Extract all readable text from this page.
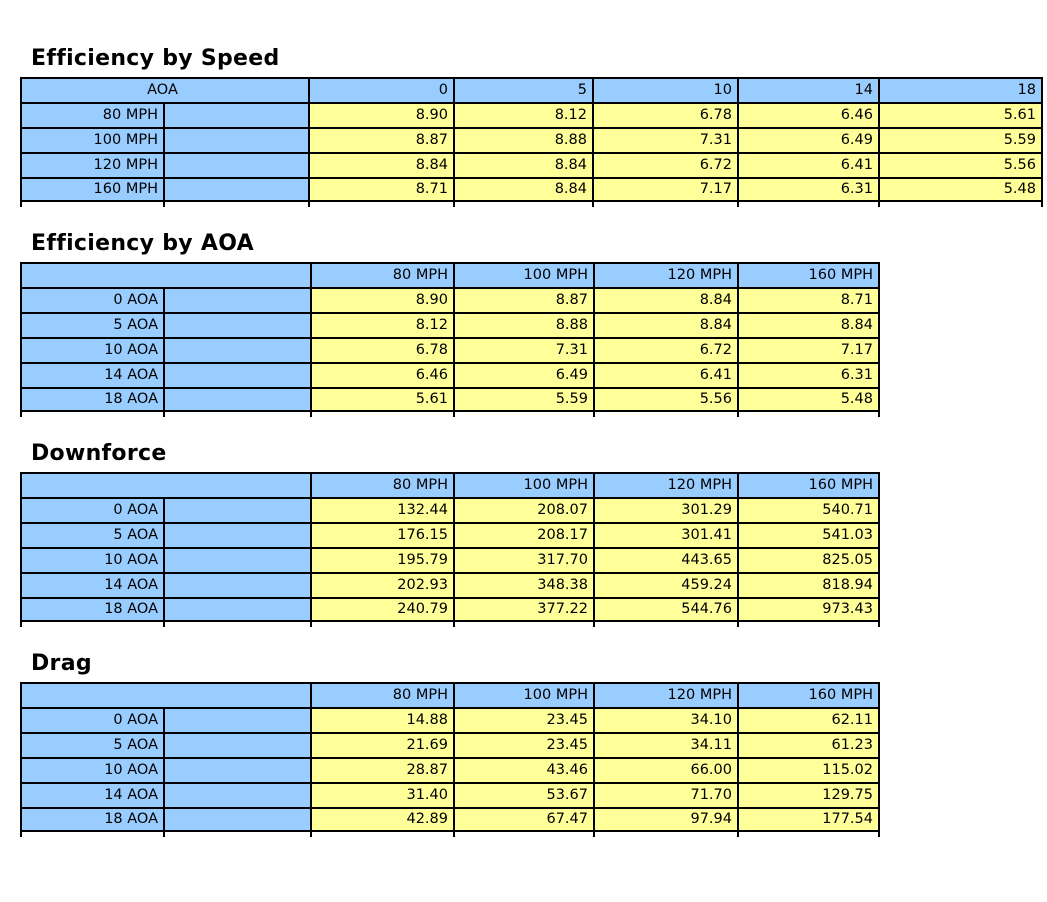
Efficiency by Speed
AOA		0	5	10	14	18
80 MPH		8.90	8.12	6.78	6.46	5.61
100 MPH		8.87	8.88	7.31	6.49	5.59
120 MPH		8.84	8.84	6.72	6.41	5.56
160 MPH		8.71	8.84	7.17	6.31	5.48
Efficiency by AOA
		80 MPH	100 MPH	120 MPH	160 MPH
0 AOA		8.90	8.87	8.84	8.71
5 AOA		8.12	8.88	8.84	8.84
10 AOA		6.78	7.31	6.72	7.17
14 AOA		6.46	6.49	6.41	6.31
18 AOA		5.61	5.59	5.56	5.48
Downforce
		80 MPH	100 MPH	120 MPH	160 MPH
0 AOA		132.44	208.07	301.29	540.71
5 AOA		176.15	208.17	301.41	541.03
10 AOA		195.79	317.70	443.65	825.05
14 AOA		202.93	348.38	459.24	818.94
18 AOA		240.79	377.22	544.76	973.43
Drag
		80 MPH	100 MPH	120 MPH	160 MPH
0 AOA		14.88	23.45	34.10	62.11
5 AOA		21.69	23.45	34.11	61.23
10 AOA		28.87	43.46	66.00	115.02
14 AOA		31.40	53.67	71.70	129.75
18 AOA		42.89	67.47	97.94	177.54
